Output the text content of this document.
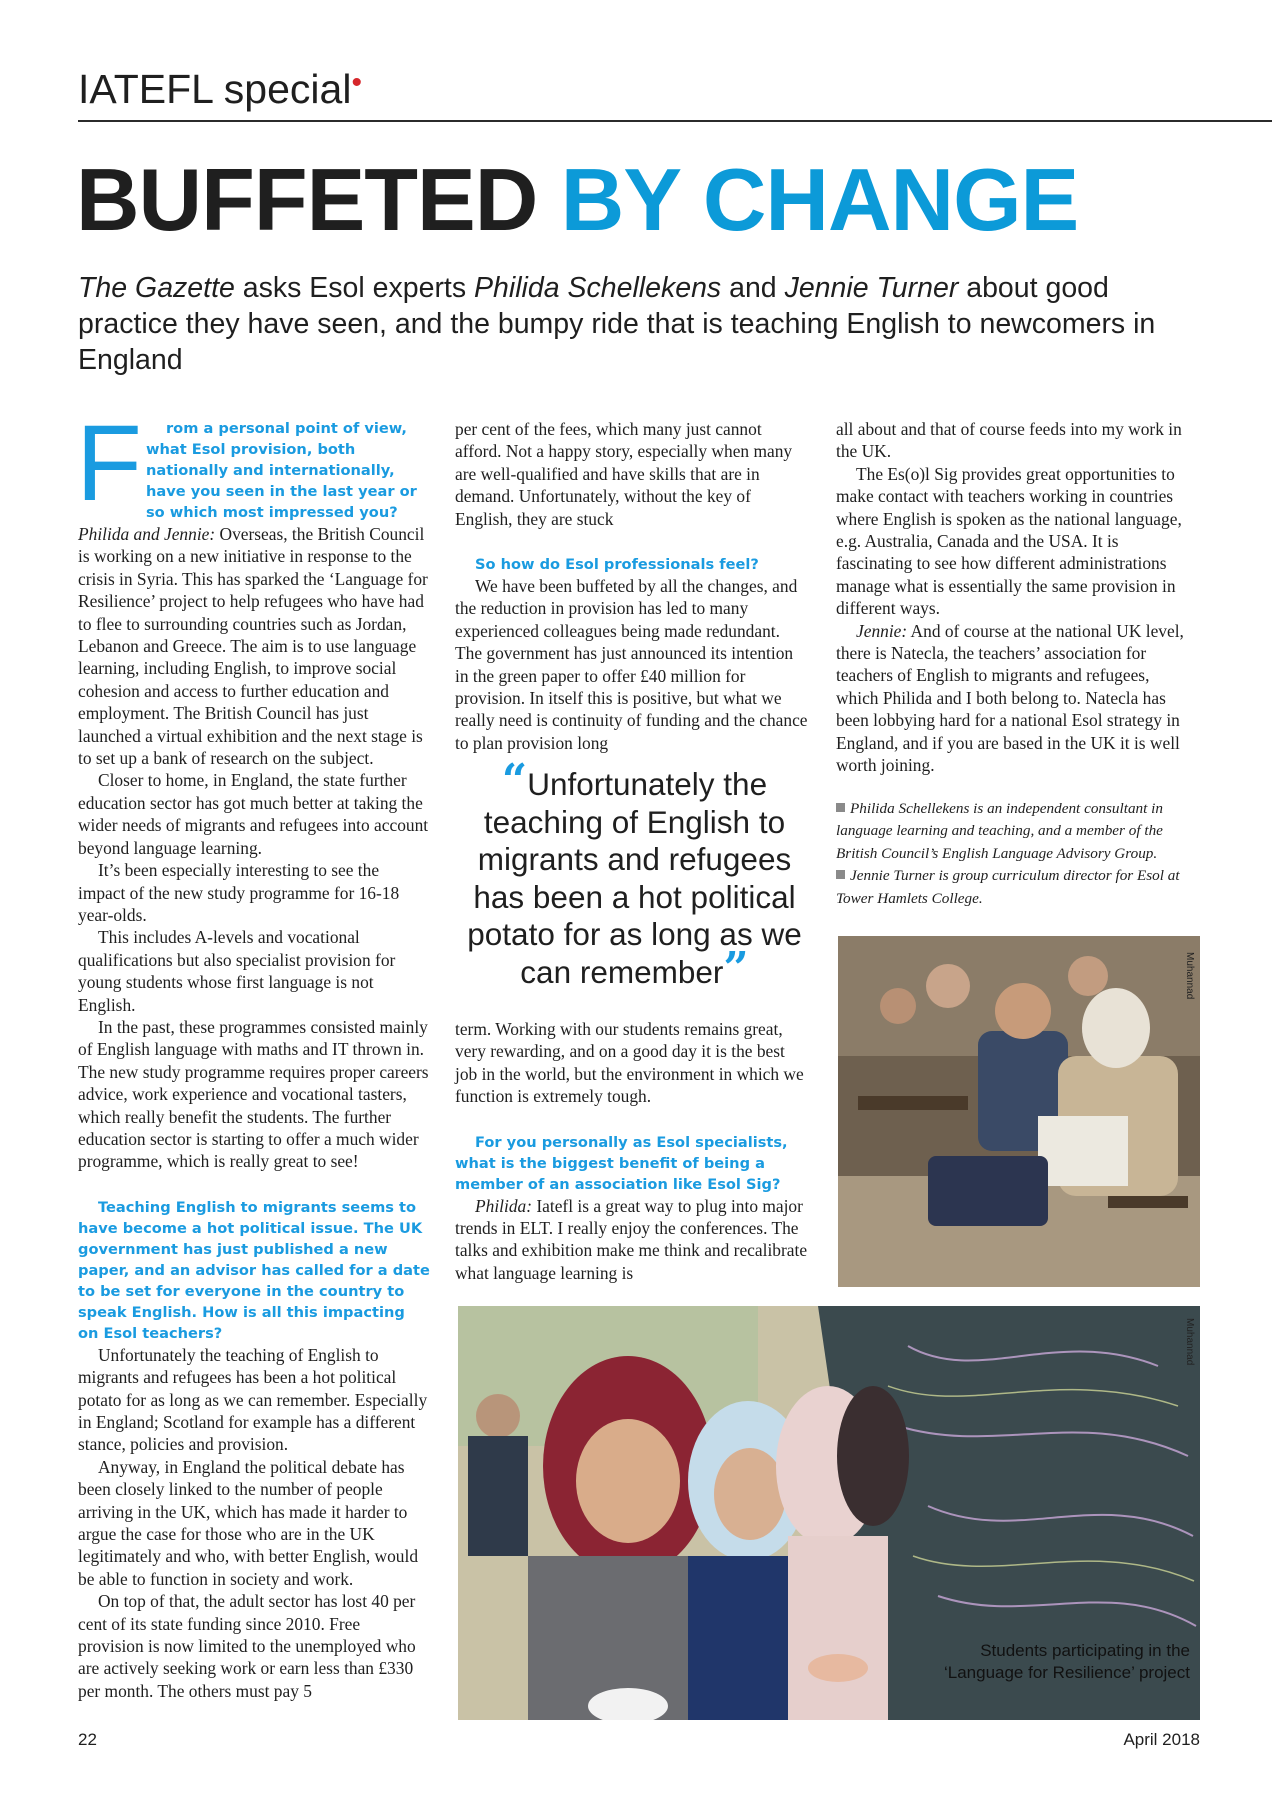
IATEFL special•
BUFFETED BY CHANGE
The Gazette asks Esol experts Philida Schellekens and Jennie Turner about good practice they have seen, and the bumpy ride that is teaching English to newcomers in England
F	rom a personal point of view, what Esol provision, both nationally and internationally, have you seen in the last year or so which most impressed you?

Philida and Jennie: Overseas, the British Council is working on a new initiative in response to the crisis in Syria. This has sparked the ‘Language for Resilience’ project to help refugees who have had to flee to surrounding countries such as Jordan, Lebanon and Greece. The aim is to use language learning, including English, to improve social cohesion and access to further education and employment. The British Council has just launched a virtual exhibition and the next stage is to set up a bank of research on the subject.

Closer to home, in England, the state further education sector has got much better at taking the wider needs of migrants and refugees into account beyond language learning.

It’s been especially interesting to see the impact of the new study programme for 16-18 year-olds.

This includes A-levels and vocational qualifications but also specialist provision for young students whose first language is not English.

In the past, these programmes consisted mainly of English language with maths and IT thrown in. The new study programme requires proper careers advice, work experience and vocational tasters, which really benefit the students. The further education sector is starting to offer a much wider programme, which is really great to see!

Teaching English to migrants seems to have become a hot political issue. The UK government has just published a new paper, and an advisor has called for a date to be set for everyone in the country to speak English. How is all this impacting on Esol teachers?

Unfortunately the teaching of English to migrants and refugees has been a hot political potato for as long as we can remember. Especially in England; Scotland for example has a different stance, policies and provision.

Anyway, in England the political debate has been closely linked to the number of people arriving in the UK, which has made it harder to argue the case for those who are in the UK legitimately and who, with better English, would be able to function in society and work.

On top of that, the adult sector has lost 40 per cent of its state funding since 2010. Free provision is now limited to the unemployed who are actively seeking work or earn less than £330 per month. The others must pay 5

per cent of the fees, which many just cannot afford. Not a happy story, especially when many are well-qualified and have skills that are in demand. Unfortunately, without the key of English, they are stuck

So how do Esol professionals feel?

We have been buffeted by all the changes, and the reduction in provision has led to many experienced colleagues being made redundant. The government has just announced its intention in the green paper to offer £40 million for provision. In itself this is positive, but what we really need is continuity of funding and the chance to plan provision long

“Unfortunately the teaching of English to migrants and refugees has been a hot political potato for as long as we can remember”

term. Working with our students remains great, very rewarding, and on a good day it is the best job in the world, but the environment in which we function is extremely tough.

For you personally as Esol specialists, what is the biggest benefit of being a member of an association like Esol Sig?

Philida: Iatefl is a great way to plug into major trends in ELT. I really enjoy the conferences. The talks and exhibition make me think and recalibrate what language learning is

all about and that of course feeds into my work in the UK.

The Es(o)l Sig provides great opportunities to make contact with teachers working in countries where English is spoken as the national language, e.g. Australia, Canada and the USA. It is fascinating to see how different administrations manage what is essentially the same provision in different ways.

Jennie: And of course at the national UK level, there is Natecla, the teachers’ association for teachers of English to migrants and refugees, which Philida and I both belong to. Natecla has been lobbying hard for a national Esol strategy in England, and if you are based in the UK it is well worth joining.

Philida Schellekens is an independent consultant in language learning and teaching, and a member of the British Council’s English Language Advisory Group.
Jennie Turner is group curriculum director for Esol at Tower Hamlets College.
Muhannad
Muhannad
Students participating in the ‘Language for Resilience’ project
22	April 2018
